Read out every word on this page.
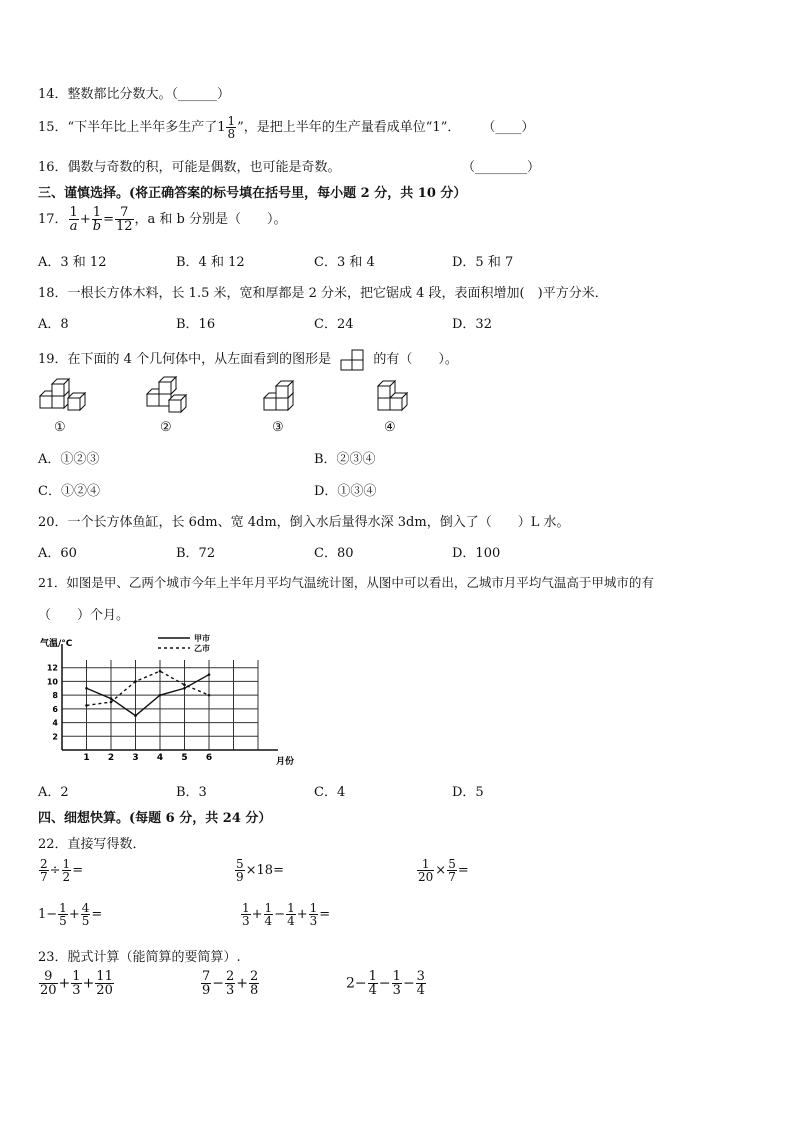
14．整数都比分数大。（______）
15．“下半年比上半年多生产了$1 \frac{1}{8}$ ”，是把上半年的生产量看成单位“1”． （____）
16．偶数与奇数的积，可能是偶数，也可能是奇数。	（________）
三、谨慎选择。(将正确答案的标号填在括号里，每小题 2 分，共 10 分）
17． $\frac{1}{a} + \frac{1}{b} = \frac{7}{12}$ ，a 和 b 分别是（　　）。
A．3 和 12	B．4 和 12	C．3 和 4	D．5 和 7
18．一根长方体木料，长 1.5 米，宽和厚都是 2 分米，把它锯成 4 段，表面积增加(　)平方分米．
A．8	B．16	C．24	D．32
19．在下面的 4 个几何体中，从左面看到的图形是	的有（　　）。
①	②	③	④
A．①②③	B．②③④
C．①②④	D．①③④
20．一个长方体鱼缸，长 6dm、宽 4dm，倒入水后量得水深 3dm，倒入了（　　）L 水。
A．60	B．72	C．80	D．100
21．如图是甲、乙两个城市今年上半年月平均气温统计图，从图中可以看出，乙城市月平均气温高于甲城市的有
（　　）个月。
2
4
6
8
10
12
1 2 3 4 5 6
气温/°C
月份
甲市
乙市
A．2	B．3	C．4	D．5
四、细想快算。(每题 6 分，共 24 分）
22．直接写得数．
$\frac{2}{7} \div \frac{1}{2}$ =	$\frac{5}{9} \times 18=$	$\frac{1}{20} \times \frac{5}{7}$ =
$1- \frac{1}{5} + \frac{4}{5}$ =	$\frac{1}{3} + \frac{1}{4} - \frac{1}{4} + \frac{1}{3}$ =
23．脱式计算（能简算的要简算）.
$\frac{9}{20} + \frac{1}{3} + \frac{11}{20}$	$\frac{7}{9} - \frac{2}{3} + \frac{2}{8}$	$2- \frac{1}{4} - \frac{1}{3} - \frac{3}{4}$
